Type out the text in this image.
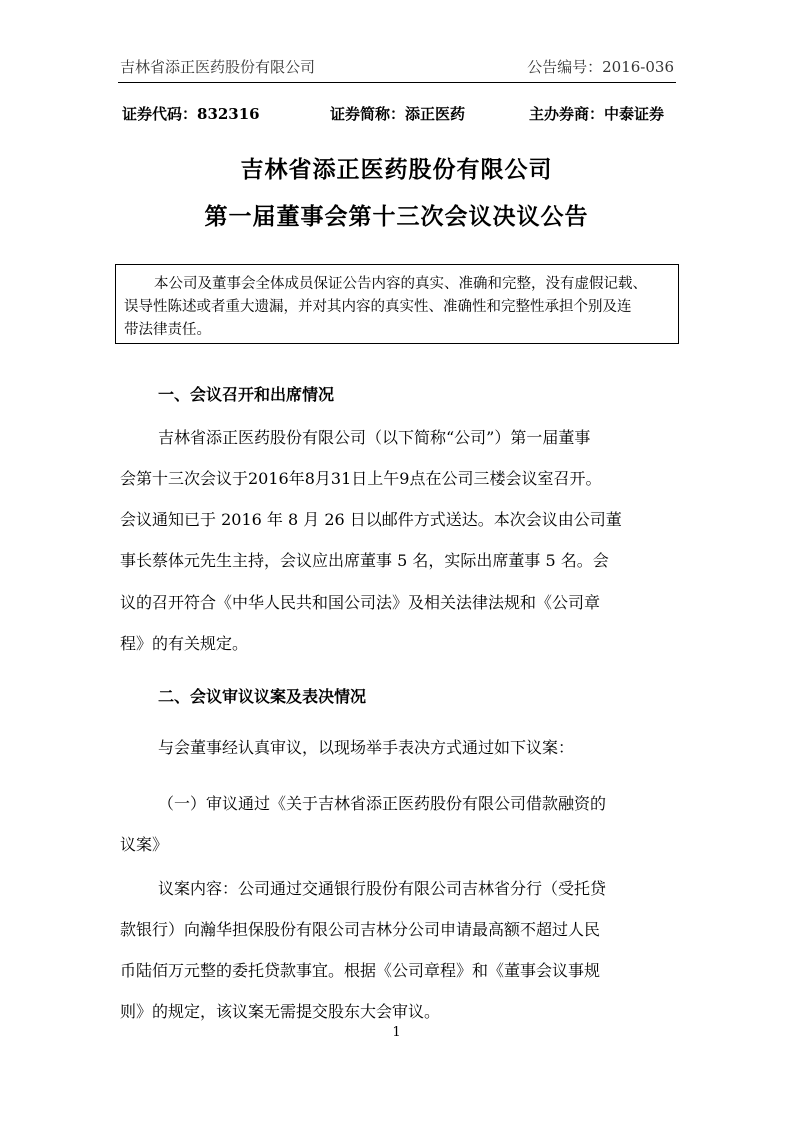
吉林省添正医药股份有限公司	公告编号：2016-036
证券代码：832316	证券简称：添正医药	主办券商：中泰证券
吉林省添正医药股份有限公司
第一届董事会第十三次会议决议公告
本公司及董事会全体成员保证公告内容的真实、准确和完整，没有虚假记载、
误导性陈述或者重大遗漏，并对其内容的真实性、准确性和完整性承担个别及连
带法律责任。
一、会议召开和出席情况
吉林省添正医药股份有限公司（以下简称“公司”）第一届董事
会第十三次会议于2016年8月31日上午9点在公司三楼会议室召开。
会议通知已于 2016 年 8 月 26 日以邮件方式送达。本次会议由公司董
事长蔡体元先生主持，会议应出席董事 5 名，实际出席董事 5 名。会
议的召开符合《中华人民共和国公司法》及相关法律法规和《公司章
程》的有关规定。
二、会议审议议案及表决情况
与会董事经认真审议，以现场举手表决方式通过如下议案：
（一）审议通过《关于吉林省添正医药股份有限公司借款融资的
议案》
议案内容：公司通过交通银行股份有限公司吉林省分行（受托贷
款银行）向瀚华担保股份有限公司吉林分公司申请最高额不超过人民
币陆佰万元整的委托贷款事宜。根据《公司章程》和《董事会议事规
则》的规定，该议案无需提交股东大会审议。
1
